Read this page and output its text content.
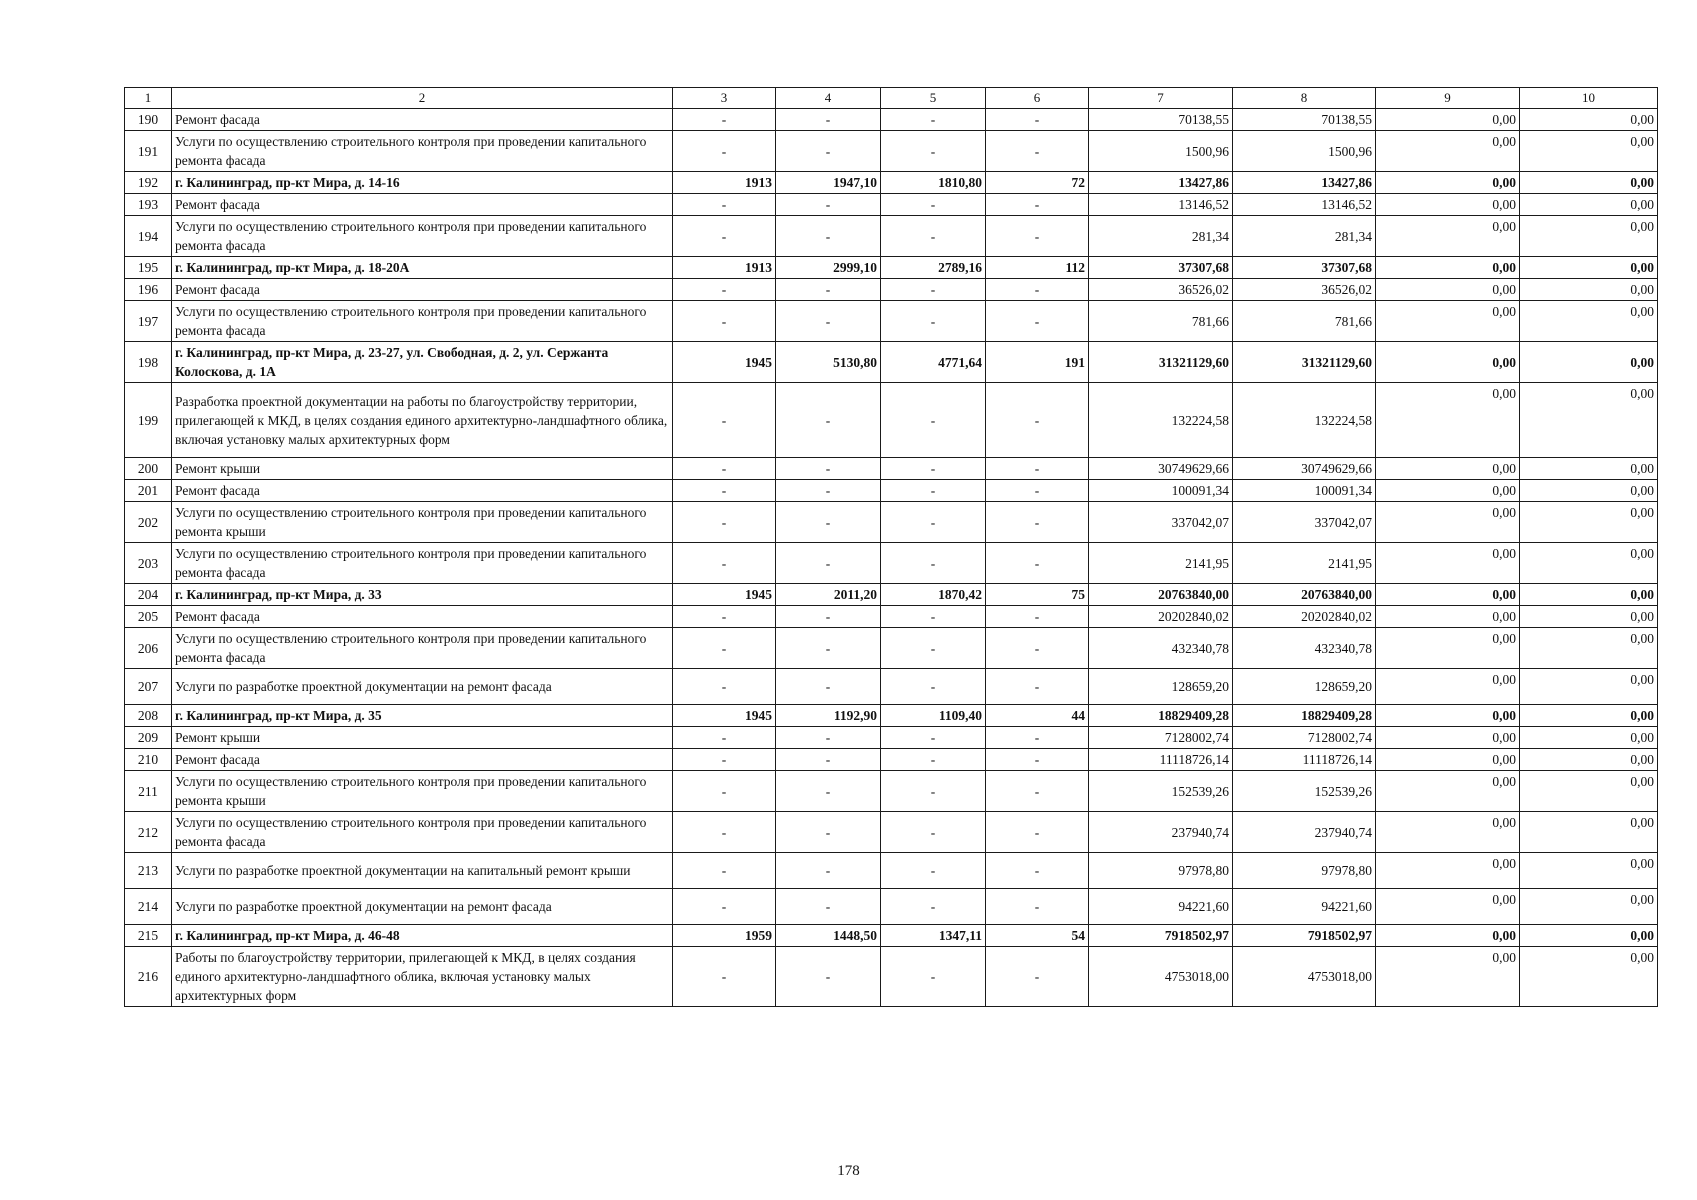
1	2	3	4	5	6	7	8	9	10
190	Ремонт фасада	-	-	-	-	70138,55	70138,55	0,00	0,00
191	Услуги по осуществлению строительного контроля при проведении капитального ремонта фасада	-	-	-	-	1500,96	1500,96	0,00	0,00
192	г. Калининград, пр-кт Мира, д. 14-16	1913	1947,10	1810,80	72	13427,86	13427,86	0,00	0,00
193	Ремонт фасада	-	-	-	-	13146,52	13146,52	0,00	0,00
194	Услуги по осуществлению строительного контроля при проведении капитального ремонта фасада	-	-	-	-	281,34	281,34	0,00	0,00
195	г. Калининград, пр-кт Мира, д. 18-20А	1913	2999,10	2789,16	112	37307,68	37307,68	0,00	0,00
196	Ремонт фасада	-	-	-	-	36526,02	36526,02	0,00	0,00
197	Услуги по осуществлению строительного контроля при проведении капитального ремонта фасада	-	-	-	-	781,66	781,66	0,00	0,00
198	г. Калининград, пр-кт Мира, д. 23-27, ул. Свободная, д. 2, ул. Сержанта Колоскова, д. 1А	1945	5130,80	4771,64	191	31321129,60	31321129,60	0,00	0,00
199	Разработка проектной документации на работы по благоустройству территории, прилегающей к МКД, в целях создания единого архитектурно-ландшафтного облика, включая установку малых архитектурных форм	-	-	-	-	132224,58	132224,58	0,00	0,00
200	Ремонт крыши	-	-	-	-	30749629,66	30749629,66	0,00	0,00
201	Ремонт фасада	-	-	-	-	100091,34	100091,34	0,00	0,00
202	Услуги по осуществлению строительного контроля при проведении капитального ремонта крыши	-	-	-	-	337042,07	337042,07	0,00	0,00
203	Услуги по осуществлению строительного контроля при проведении капитального ремонта фасада	-	-	-	-	2141,95	2141,95	0,00	0,00
204	г. Калининград, пр-кт Мира, д. 33	1945	2011,20	1870,42	75	20763840,00	20763840,00	0,00	0,00
205	Ремонт фасада	-	-	-	-	20202840,02	20202840,02	0,00	0,00
206	Услуги по осуществлению строительного контроля при проведении капитального ремонта фасада	-	-	-	-	432340,78	432340,78	0,00	0,00
207	Услуги по разработке проектной документации на ремонт фасада	-	-	-	-	128659,20	128659,20	0,00	0,00
208	г. Калининград, пр-кт Мира, д. 35	1945	1192,90	1109,40	44	18829409,28	18829409,28	0,00	0,00
209	Ремонт крыши	-	-	-	-	7128002,74	7128002,74	0,00	0,00
210	Ремонт фасада	-	-	-	-	11118726,14	11118726,14	0,00	0,00
211	Услуги по осуществлению строительного контроля при проведении капитального ремонта крыши	-	-	-	-	152539,26	152539,26	0,00	0,00
212	Услуги по осуществлению строительного контроля при проведении капитального ремонта фасада	-	-	-	-	237940,74	237940,74	0,00	0,00
213	Услуги по разработке проектной документации на капитальный ремонт крыши	-	-	-	-	97978,80	97978,80	0,00	0,00
214	Услуги по разработке проектной документации на ремонт фасада	-	-	-	-	94221,60	94221,60	0,00	0,00
215	г. Калининград, пр-кт Мира, д. 46-48	1959	1448,50	1347,11	54	7918502,97	7918502,97	0,00	0,00
216	Работы по благоустройству территории, прилегающей к МКД, в целях создания единого архитектурно-ландшафтного облика, включая установку малых архитектурных форм	-	-	-	-	4753018,00	4753018,00	0,00	0,00
178
